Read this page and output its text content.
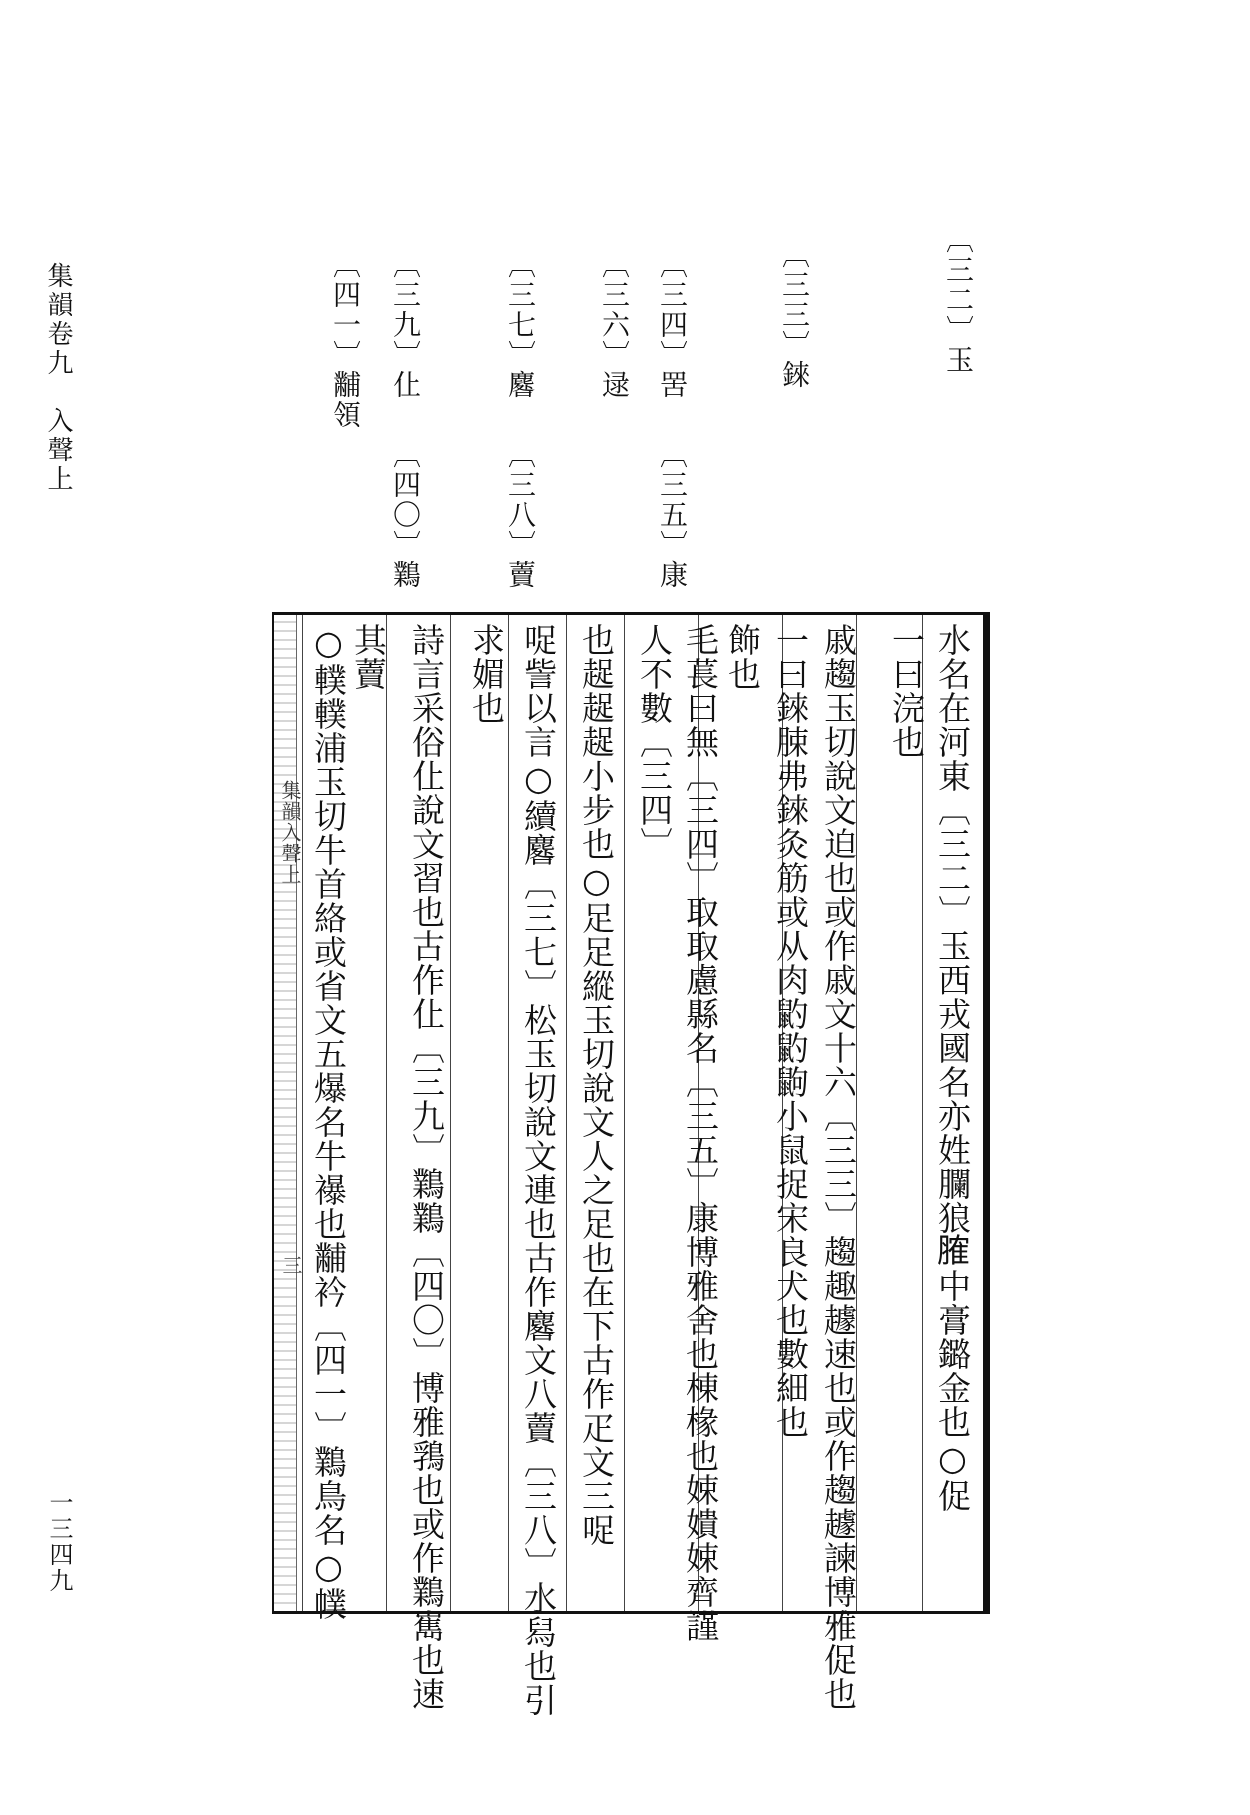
集韻卷九　入聲上
一三四九
〔三二〕玉
〔三三〕錸
〔三四〕罟
〔三五〕康
〔三六〕逯
〔三七〕麔
〔三八〕藚
〔三九〕仩
〔四〇〕鸈
〔四一〕黼領
集韻入聲上
三	水名在河東〔三二〕玉西戎國名亦姓䑌狼𦞦中膏鏴金也○促
一曰浣也
戚趨玉切說文迫也或作戚文十六〔三三〕趨趣䟊速也或作趨䟊諫博雅促也
一曰錸脨弗錸灸筋或从肉䶂䶂鼩小鼠捉宋良犬也數細也
飾也
毛萇曰無〔三四〕取取慮縣名〔三五〕康博雅舍也棟椽也娕嬇娕齊謹
人不數〔三四〕
也趗趗趗小步也○足足縱玉切說文人之足也在下古作疋文三哫
哫訾以言○續麔〔三七〕松玉切說文連也古作麔文八藚〔三八〕水舄也引
求媚也
詩言采俗仩說文習也古作仩〔三九〕鸈鸈〔四〇〕博雅䳕也或作鸈嶲也速
其藚
○轐轐浦玉切牛首絡或省文五爆名牛襮也黼衿〔四一〕鸈鳥名○幞
